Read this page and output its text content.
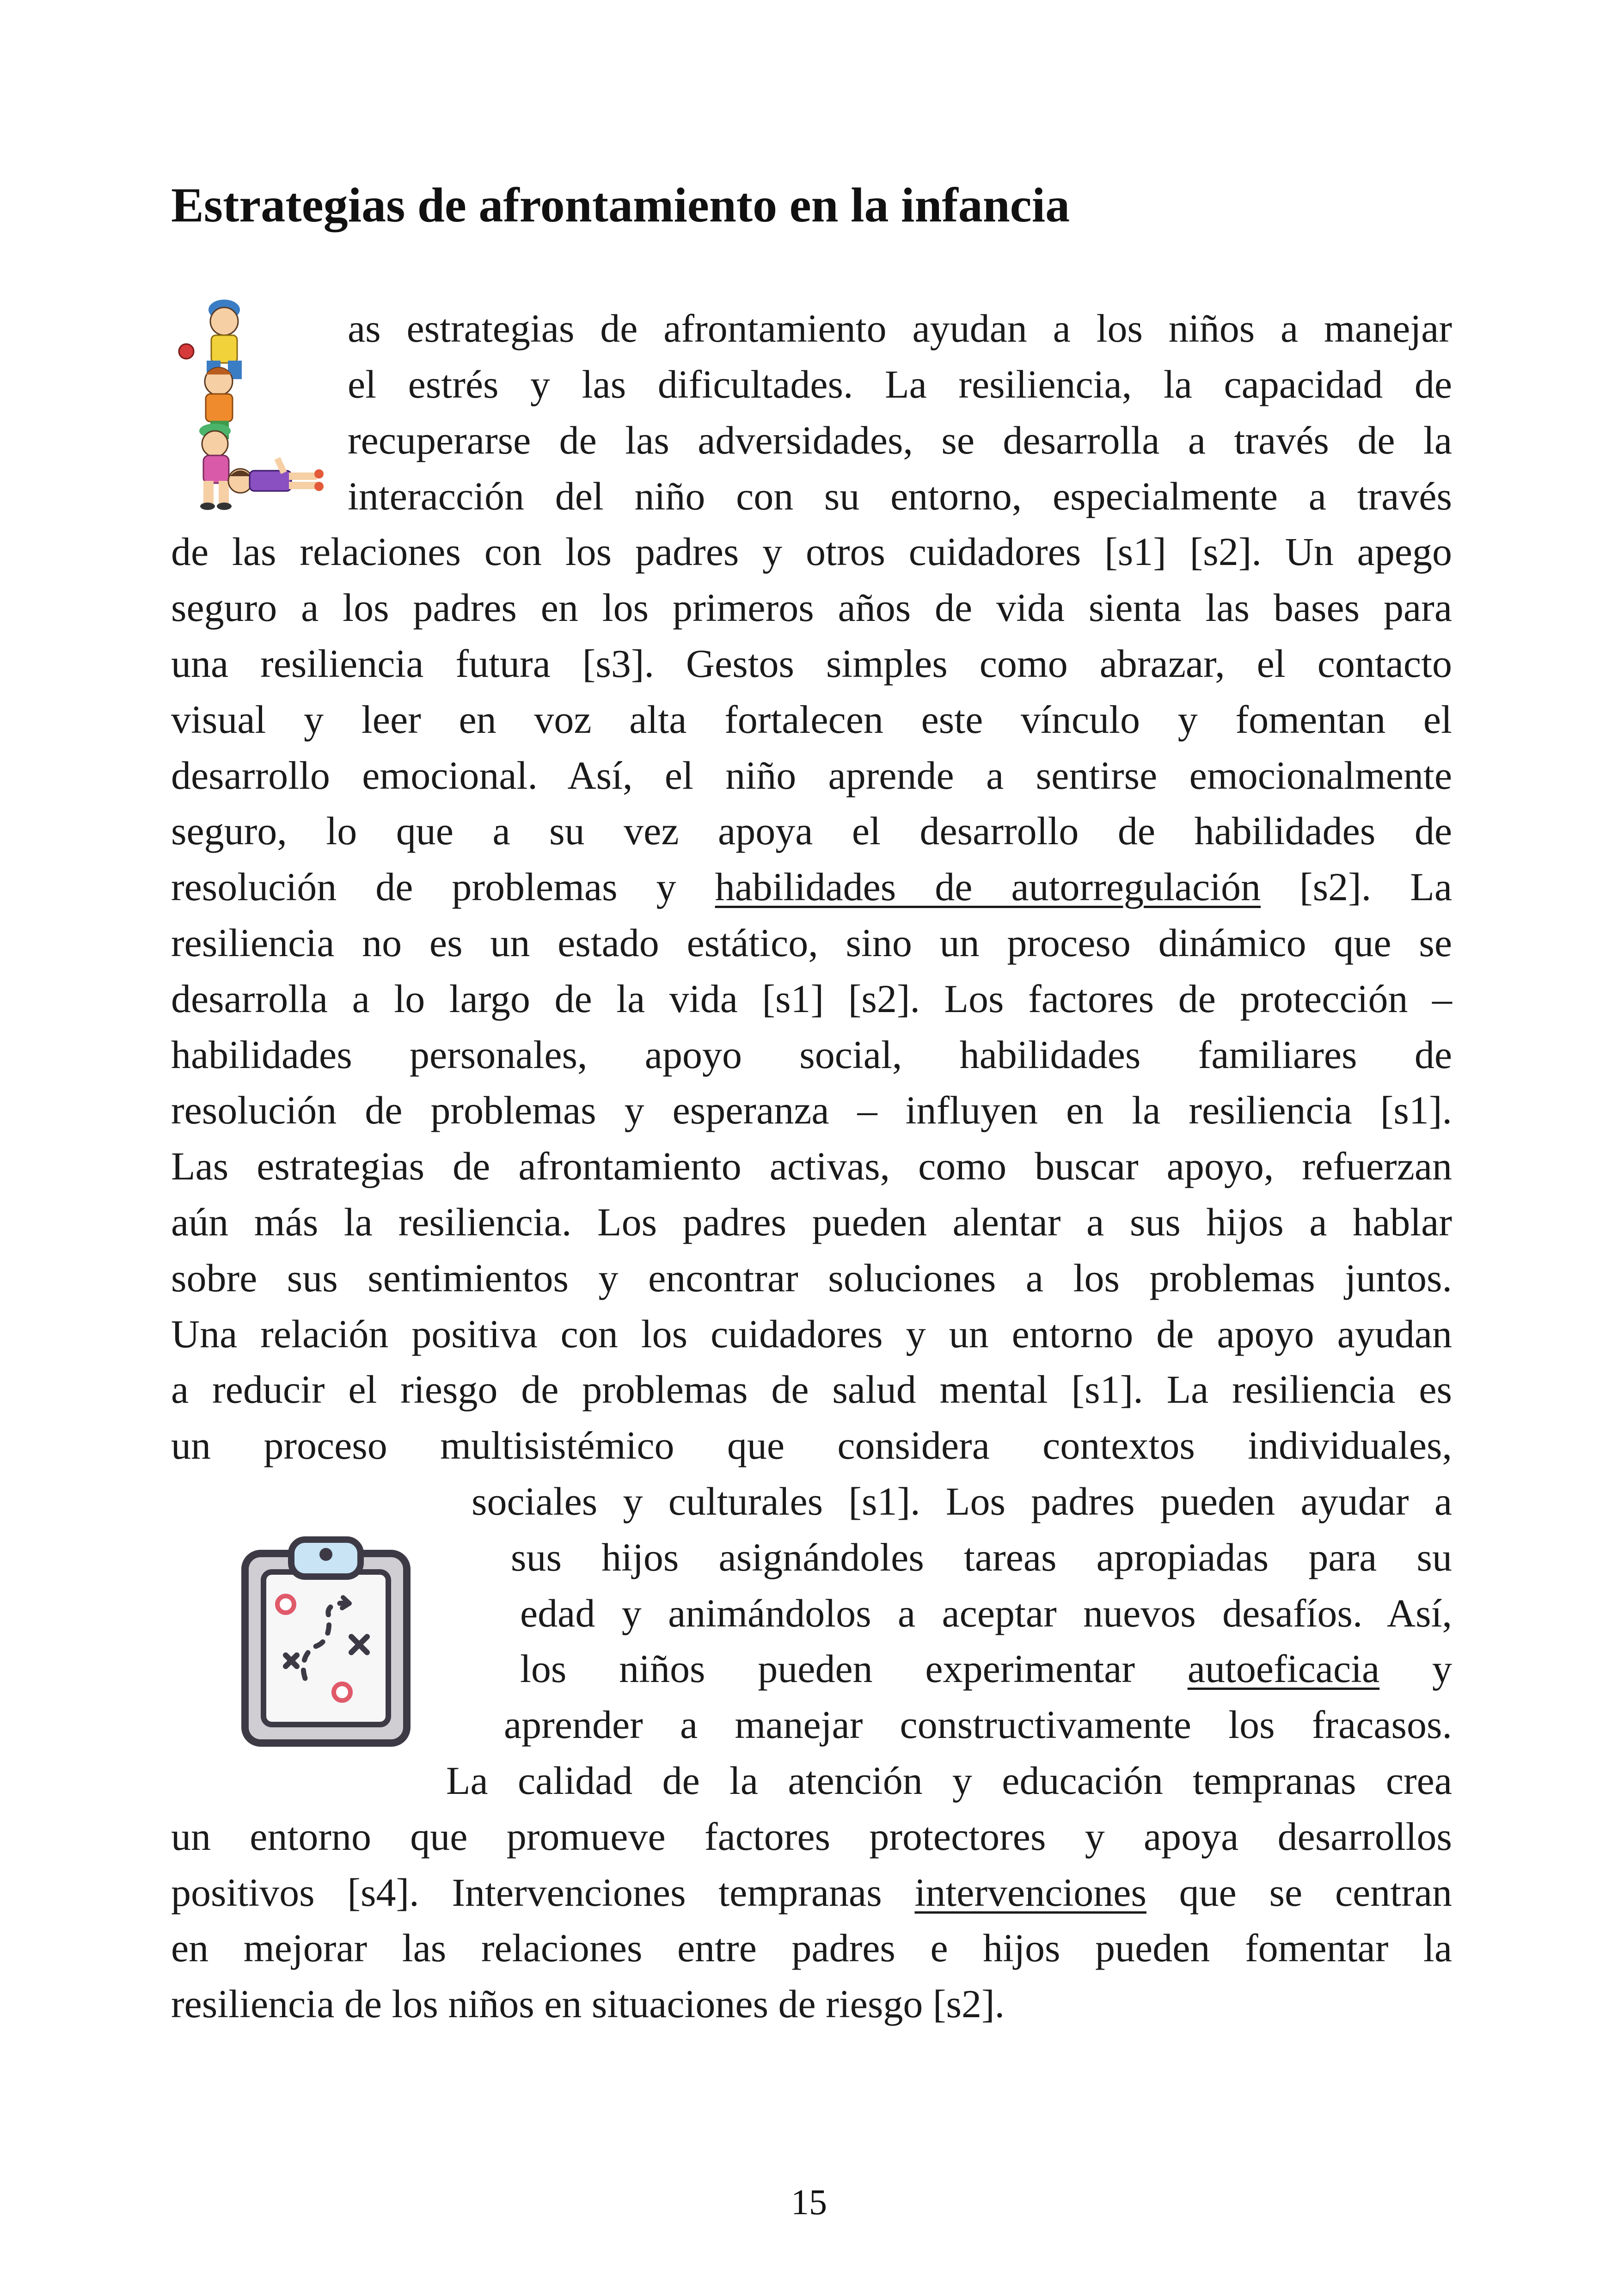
Estrategias de afrontamiento en la infancia
as estrategias de afrontamiento ayudan a los niños a manejar
el estrés y las dificultades. La resiliencia, la capacidad de
recuperarse de las adversidades, se desarrolla a través de la
interacción del niño con su entorno, especialmente a través
de las relaciones con los padres y otros cuidadores [s1] [s2]. Un apego
seguro a los padres en los primeros años de vida sienta las bases para
una resiliencia futura [s3]. Gestos simples como abrazar, el contacto
visual y leer en voz alta fortalecen este vínculo y fomentan el
desarrollo emocional. Así, el niño aprende a sentirse emocionalmente
seguro, lo que a su vez apoya el desarrollo de habilidades de
resolución de problemas y habilidades de autorregulación [s2]. La
resiliencia no es un estado estático, sino un proceso dinámico que se
desarrolla a lo largo de la vida [s1] [s2]. Los factores de protección –
habilidades personales, apoyo social, habilidades familiares de
resolución de problemas y esperanza – influyen en la resiliencia [s1].
Las estrategias de afrontamiento activas, como buscar apoyo, refuerzan
aún más la resiliencia. Los padres pueden alentar a sus hijos a hablar
sobre sus sentimientos y encontrar soluciones a los problemas juntos.
Una relación positiva con los cuidadores y un entorno de apoyo ayudan
a reducir el riesgo de problemas de salud mental [s1]. La resiliencia es
un proceso multisistémico que considera contextos individuales,
sociales y culturales [s1]. Los padres pueden ayudar a
sus hijos asignándoles tareas apropiadas para su
edad y animándolos a aceptar nuevos desafíos. Así,
los niños pueden experimentar autoeficacia y
aprender a manejar constructivamente los fracasos.
La calidad de la atención y educación tempranas crea
un entorno que promueve factores protectores y apoya desarrollos
positivos [s4]. Intervenciones tempranas intervenciones que se centran
en mejorar las relaciones entre padres e hijos pueden fomentar la
resiliencia de los niños en situaciones de riesgo [s2].
15
